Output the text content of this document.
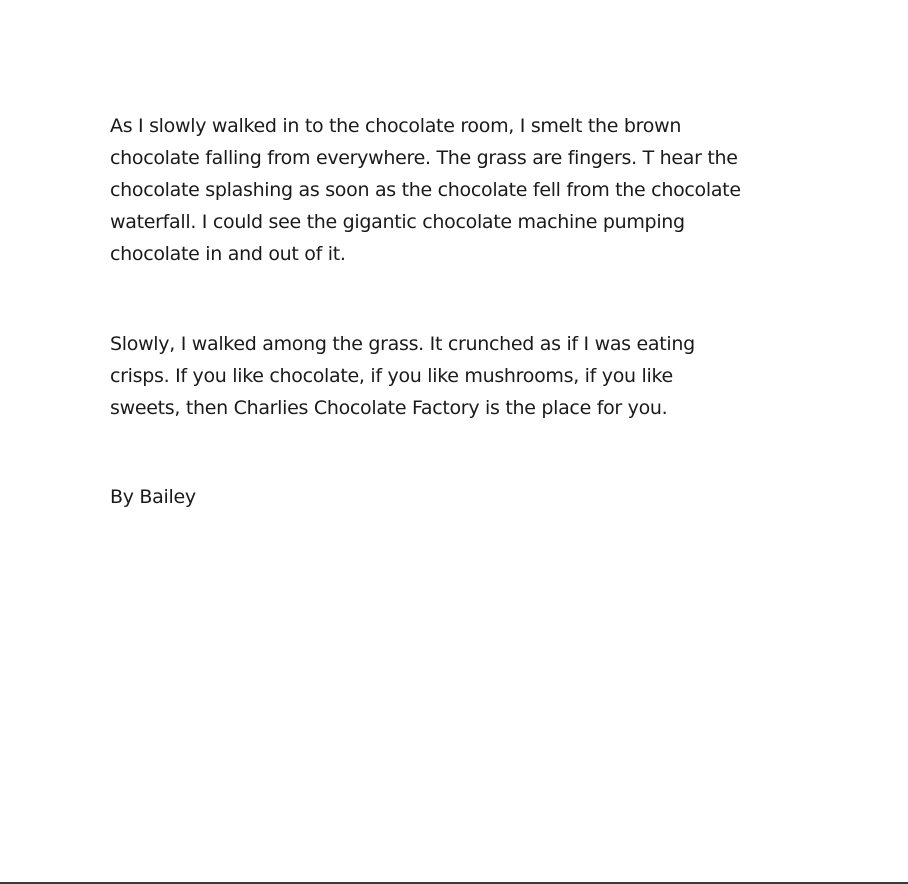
As I slowly walked in to the chocolate room, I smelt the brown
chocolate falling from everywhere. The grass are fingers. T hear the
chocolate splashing as soon as the chocolate fell from the chocolate
waterfall. I could see the gigantic chocolate machine pumping
chocolate in and out of it.
Slowly, I walked among the grass. It crunched as if I was eating
crisps. If you like chocolate, if you like mushrooms, if you like
sweets, then Charlies Chocolate Factory is the place for you.
By Bailey
